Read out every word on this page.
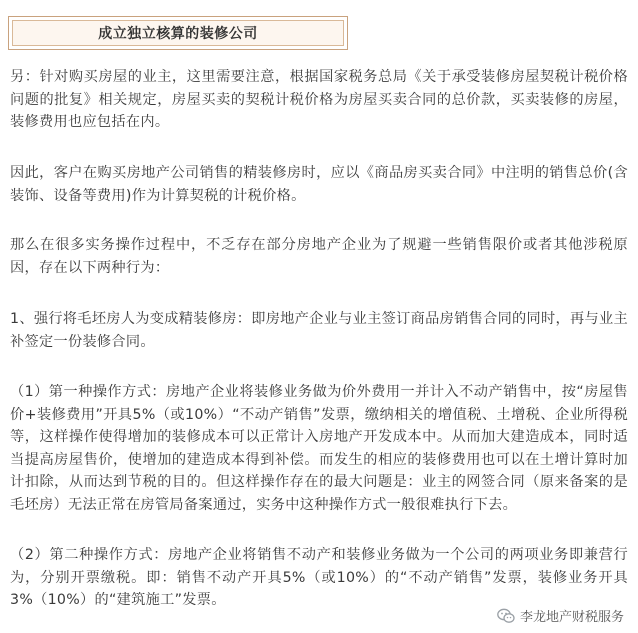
成立独立核算的装修公司

另：针对购买房屋的业主，这里需要注意，根据国家税务总局《关于承受装修房屋契税计税价格问题的批复》相关规定，房屋买卖的契税计税价格为房屋买卖合同的总价款，买卖装修的房屋，装修费用也应包括在内。

因此，客户在购买房地产公司销售的精装修房时，应以《商品房买卖合同》中注明的销售总价(含装饰、设备等费用)作为计算契税的计税价格。

那么在很多实务操作过程中，不乏存在部分房地产企业为了规避一些销售限价或者其他涉税原因，存在以下两种行为：

1、强行将毛坯房人为变成精装修房：即房地产企业与业主签订商品房销售合同的同时，再与业主补签定一份装修合同。

（1）第一种操作方式：房地产企业将装修业务做为价外费用一并计入不动产销售中，按“房屋售价+装修费用”开具5%（或10%）“不动产销售”发票，缴纳相关的增值税、土增税、企业所得税等，这样操作使得增加的装修成本可以正常计入房地产开发成本中。从而加大建造成本，同时适当提高房屋售价，使增加的建造成本得到补偿。而发生的相应的装修费用也可以在土增计算时加计扣除，从而达到节税的目的。但这样操作存在的最大问题是：业主的网签合同（原来备案的是毛坯房）无法正常在房管局备案通过，实务中这种操作方式一般很难执行下去。

（2）第二种操作方式：房地产企业将销售不动产和装修业务做为一个公司的两项业务即兼营行为，分别开票缴税。即：销售不动产开具5%（或10%）的“不动产销售”发票，装修业务开具3%（10%）的“建筑施工”发票。

李龙地产财税服务
